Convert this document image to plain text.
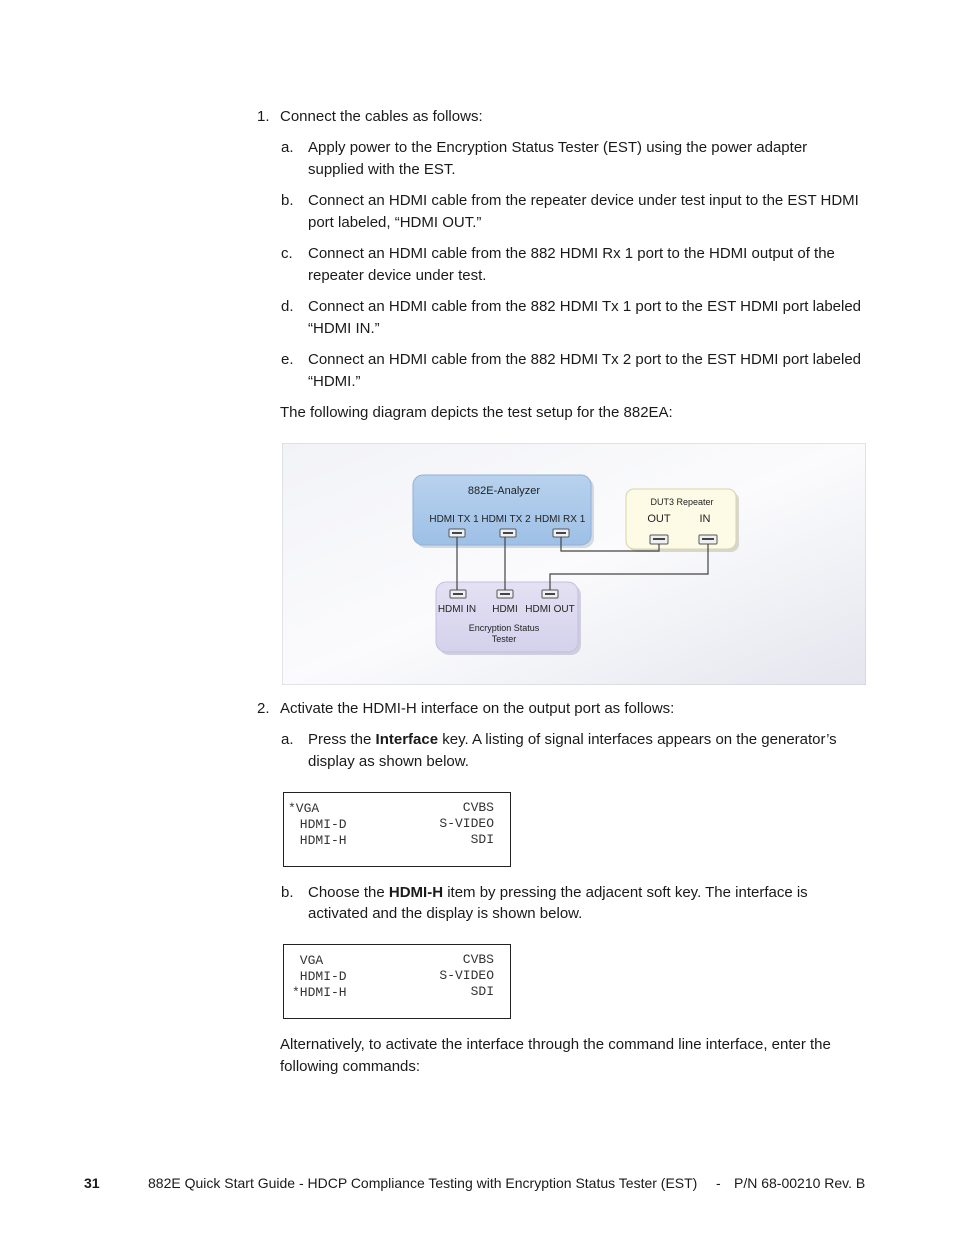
1. Connect the cables as follows:
a. Apply power to the Encryption Status Tester (EST) using the power adapter
supplied with the EST.
b. Connect an HDMI cable from the repeater device under test input to the EST HDMI
port labeled, “HDMI OUT.”
c. Connect an HDMI cable from the 882 HDMI Rx 1 port to the HDMI output of the
repeater device under test.
d. Connect an HDMI cable from the 882 HDMI Tx 1 port to the EST HDMI port labeled
“HDMI IN.”
e. Connect an HDMI cable from the 882 HDMI Tx 2 port to the EST HDMI port labeled
“HDMI.”
The following diagram depicts the test setup for the 882EA:
882E-Analyzer
HDMI TX 1 HDMI TX 2 HDMI RX 1
DUT3 Repeater
OUT	IN
HDMI IN HDMI HDMI OUT
Encryption Status
Tester
2. Activate the HDMI-H interface on the output port as follows:
a. Press the Interface key. A listing of signal interfaces appears on the generator’s
display as shown below.
*VGA
HDMI-D
HDMI-H
CVBS
S-VIDEO
SDI
b. Choose the HDMI-H item by pressing the adjacent soft key. The interface is
activated and the display is shown below.
VGA
HDMI-D
*HDMI-H
CVBS
S-VIDEO
SDI
Alternatively, to activate the interface through the command line interface, enter the
following commands:
31	882E Quick Start Guide - HDCP Compliance Testing with Encryption Status Tester (EST) - P/N 68-00210 Rev. B
